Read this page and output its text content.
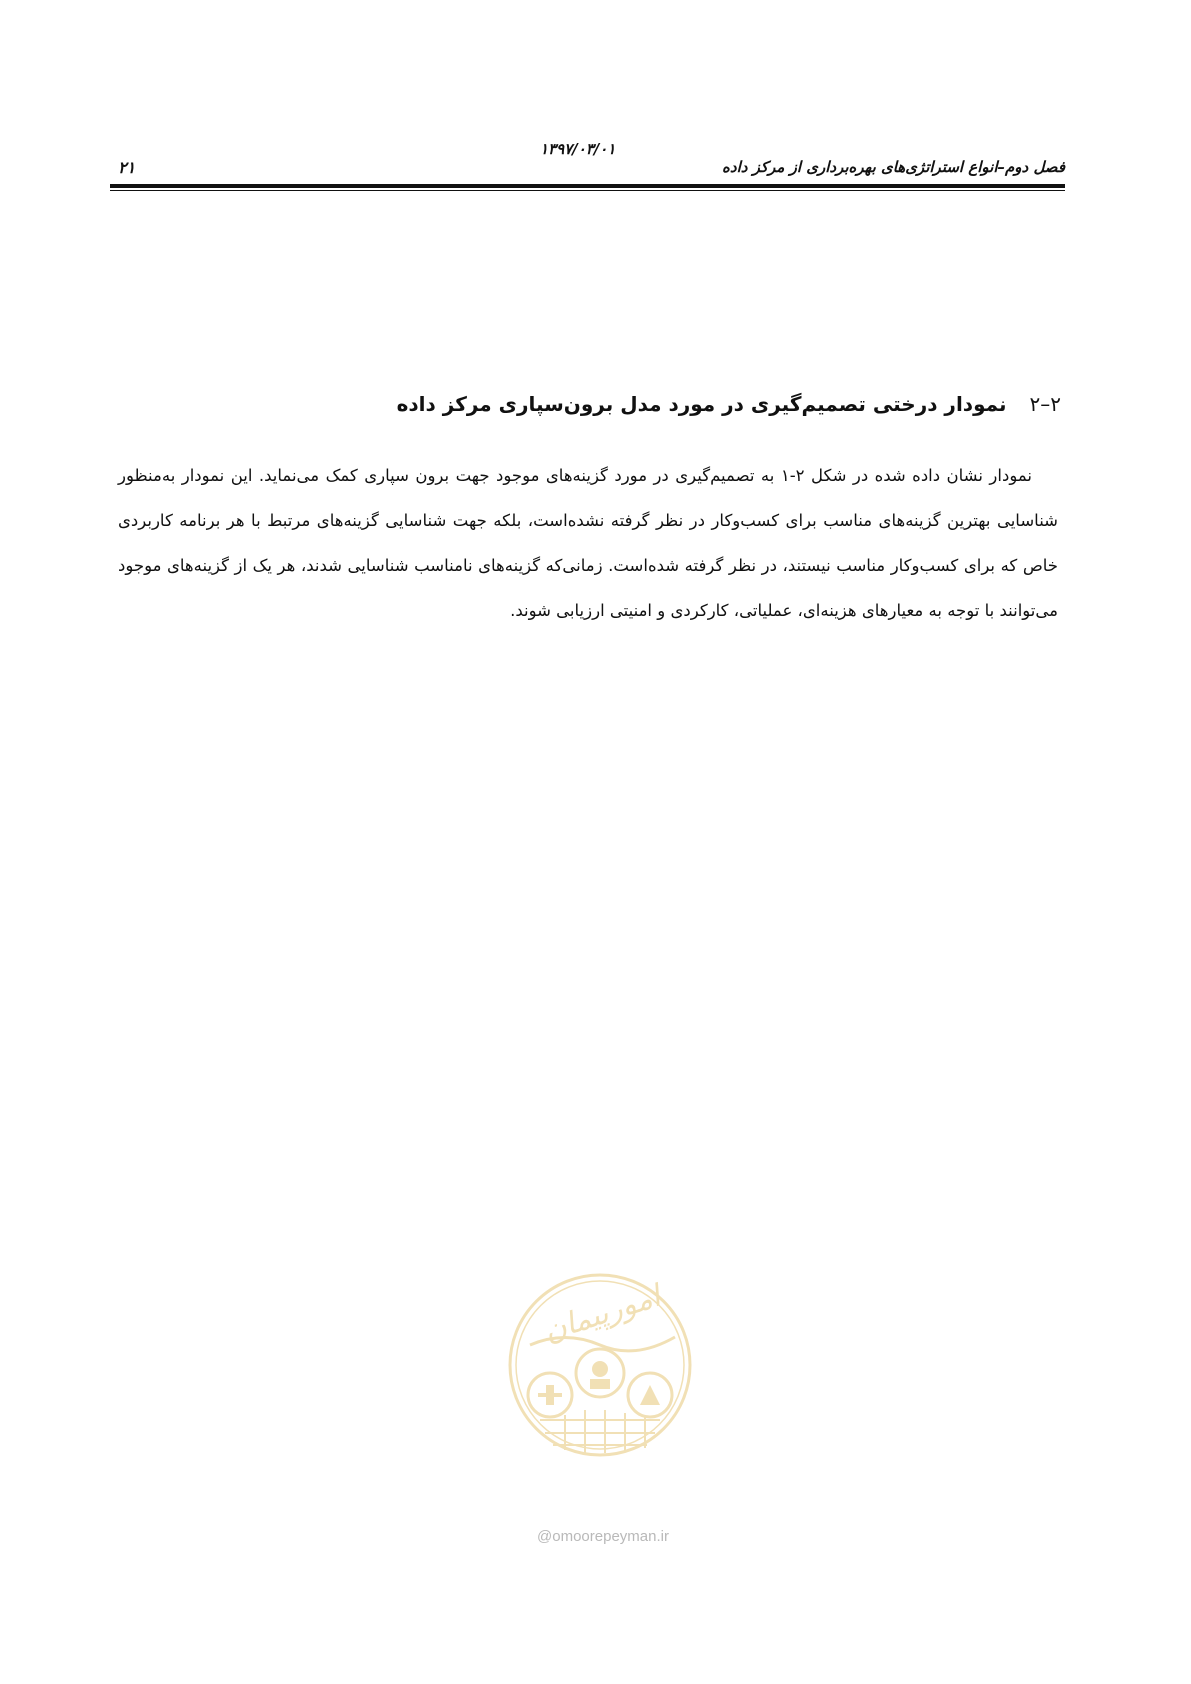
فصل دوم–انواع استراتژی‌های بهره‌برداری از مرکز داده
۱۳۹۷/۰۳/۰۱
۲۱
۲–۲ نمودار درختی تصمیم‌گیری در مورد مدل برون‌سپاری مرکز داده
نمودار نشان داده شده در شکل ۲-۱ به تصمیم‌گیری در مورد گزینه‌های موجود جهت برون سپاری کمک می‌نماید. این نمودار به‌منظور شناسایی بهترین گزینه‌های مناسب برای کسب‌وکار در نظر گرفته نشده‌است، بلکه جهت شناسایی گزینه‌های مرتبط با هر برنامه کاربردی خاص که برای کسب‌وکار مناسب نیستند، در نظر گرفته شده‌است. زمانی‌که گزینه‌های نامناسب شناسایی شدند، هر یک از گزینه‌های موجود می‌توانند با توجه به معیارهای هزینه‌ای، عملیاتی، کارکردی و امنیتی ارزیابی شوند.
امورپیمان
@omoorepeyman.ir
